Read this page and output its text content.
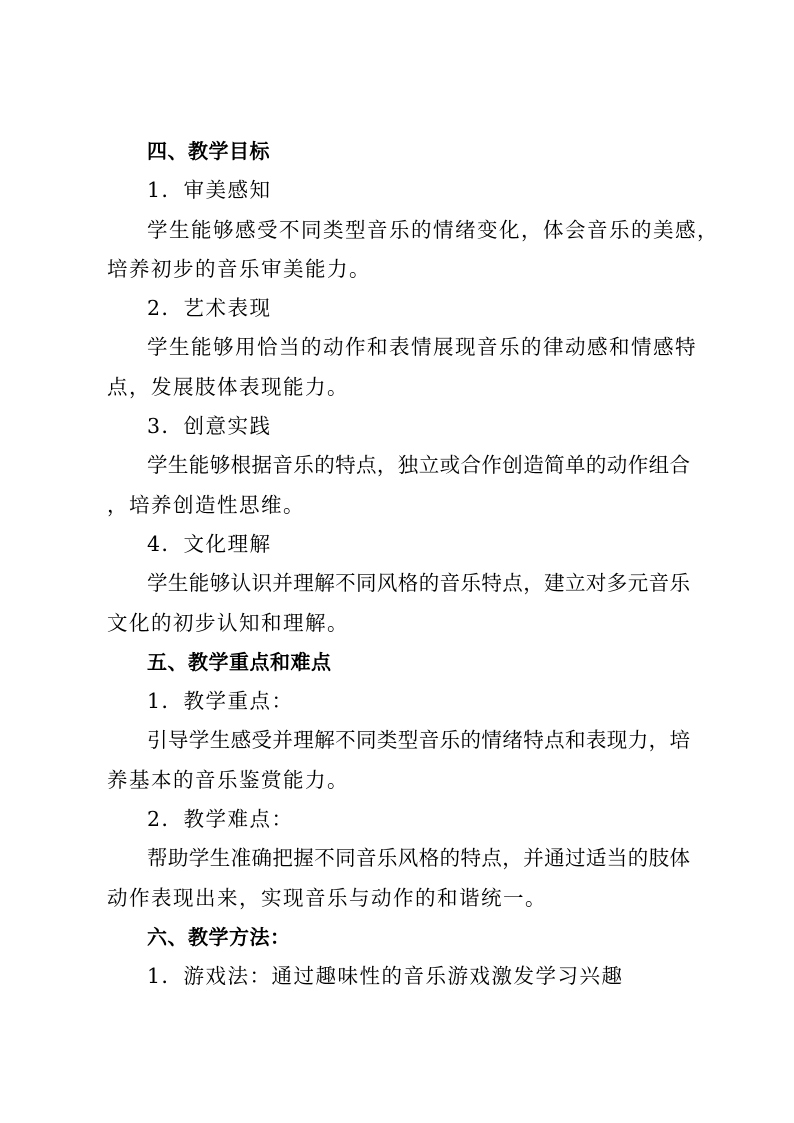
四、教学目标
1．审美感知
学生能够感受不同类型音乐的情绪变化，体会音乐的美感，
培养初步的音乐审美能力。
2．艺术表现
学生能够用恰当的动作和表情展现音乐的律动感和情感特
点，发展肢体表现能力。
3．创意实践
学生能够根据音乐的特点，独立或合作创造简单的动作组合
，培养创造性思维。
4．文化理解
学生能够认识并理解不同风格的音乐特点，建立对多元音乐
文化的初步认知和理解。
五、教学重点和难点
1．教学重点：
引导学生感受并理解不同类型音乐的情绪特点和表现力，培
养基本的音乐鉴赏能力。
2．教学难点：
帮助学生准确把握不同音乐风格的特点，并通过适当的肢体
动作表现出来，实现音乐与动作的和谐统一。
六、教学方法：
1．游戏法：通过趣味性的音乐游戏激发学习兴趣
